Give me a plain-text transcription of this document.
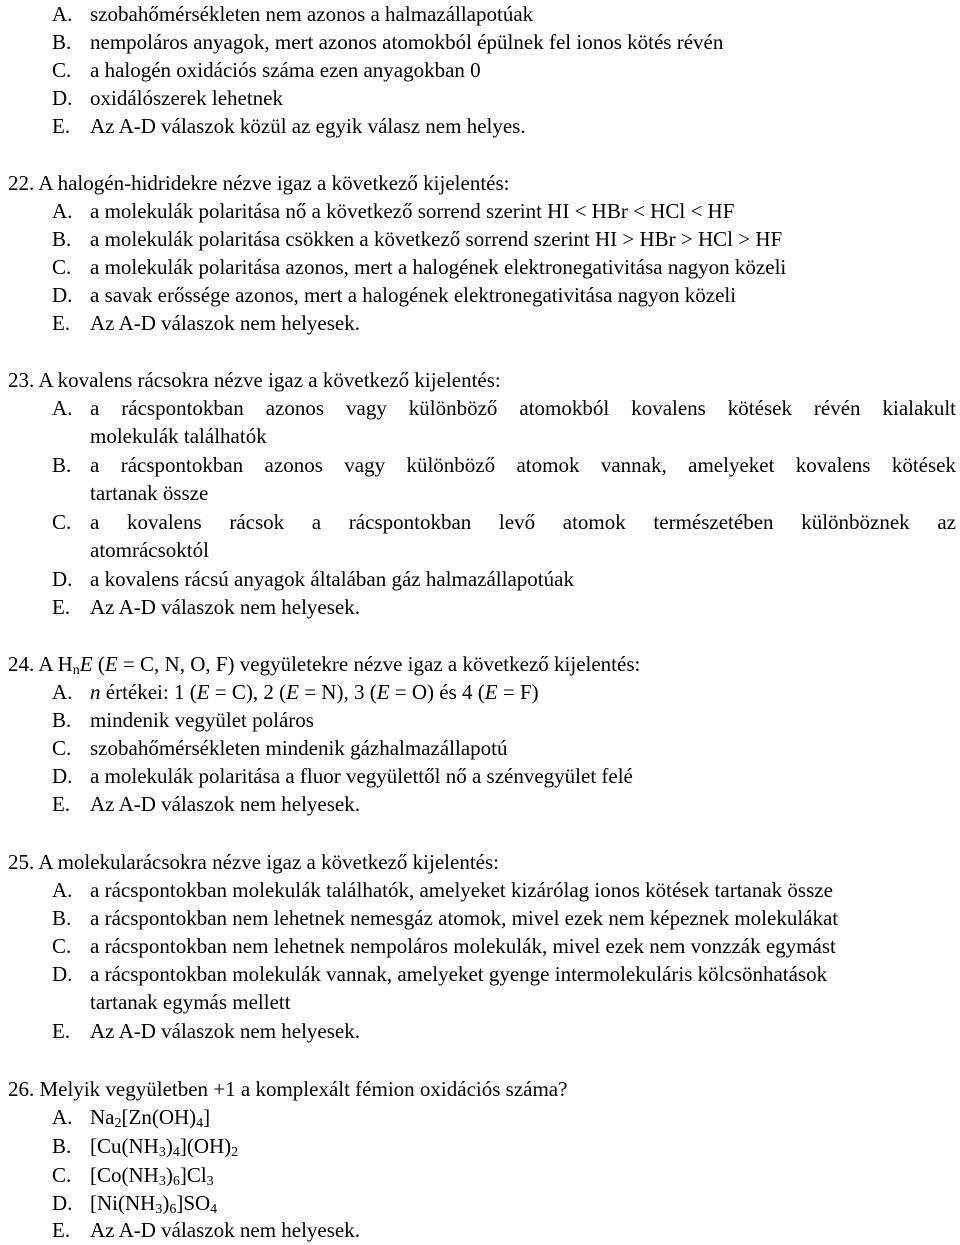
A. szobahőmérsékleten nem azonos a halmazállapotúak
B. nempoláros anyagok, mert azonos atomokból épülnek fel ionos kötés révén
C. a halogén oxidációs száma ezen anyagokban 0
D. oxidálószerek lehetnek
E. Az A-D válaszok közül az egyik válasz nem helyes.
22. A halogén-hidridekre nézve igaz a következő kijelentés:
A. a molekulák polaritása nő a következő sorrend szerint HI < HBr < HCl < HF
B. a molekulák polaritása csökken a következő sorrend szerint HI > HBr > HCl > HF
C. a molekulák polaritása azonos, mert a halogének elektronegativitása nagyon közeli
D. a savak erőssége azonos, mert a halogének elektronegativitása nagyon közeli
E. Az A-D válaszok nem helyesek.
23. A kovalens rácsokra nézve igaz a következő kijelentés:
A. a rácspontokban azonos vagy különböző atomokból kovalens kötések révén kialakult
molekulák találhatók
B. a rácspontokban azonos vagy különböző atomok vannak, amelyeket kovalens kötések
tartanak össze
C. a kovalens rácsok a rácspontokban levő atomok természetében különböznek az
atomrácsoktól
D. a kovalens rácsú anyagok általában gáz halmazállapotúak
E. Az A-D válaszok nem helyesek.
24. A $H_nE$ (E = C, N, O, F) vegyületekre nézve igaz a következő kijelentés:
A. n értékei: 1 (E = C), 2 (E = N), 3 (E = O) és 4 (E = F)
B. mindenik vegyület poláros
C. szobahőmérsékleten mindenik gázhalmazállapotú
D. a molekulák polaritása a fluor vegyülettől nő a szénvegyület felé
E. Az A-D válaszok nem helyesek.
25. A molekularácsokra nézve igaz a következő kijelentés:
A. a rácspontokban molekulák találhatók, amelyeket kizárólag ionos kötések tartanak össze
B. a rácspontokban nem lehetnek nemesgáz atomok, mivel ezek nem képeznek molekulákat
C. a rácspontokban nem lehetnek nempoláros molekulák, mivel ezek nem vonzzák egymást
D. a rácspontokban molekulák vannak, amelyeket gyenge intermolekuláris kölcsönhatások
tartanak egymás mellett
E. Az A-D válaszok nem helyesek.
26. Melyik vegyületben +1 a komplexált fémion oxidációs száma?
A. $Na_2[Zn(OH)_4]$
B. $[Cu(NH_3)_4](OH)_2$
C. $[Co(NH_3)_6]Cl_3$
D. $[Ni(NH_3)_6]SO_4$
E. Az A-D válaszok nem helyesek.
